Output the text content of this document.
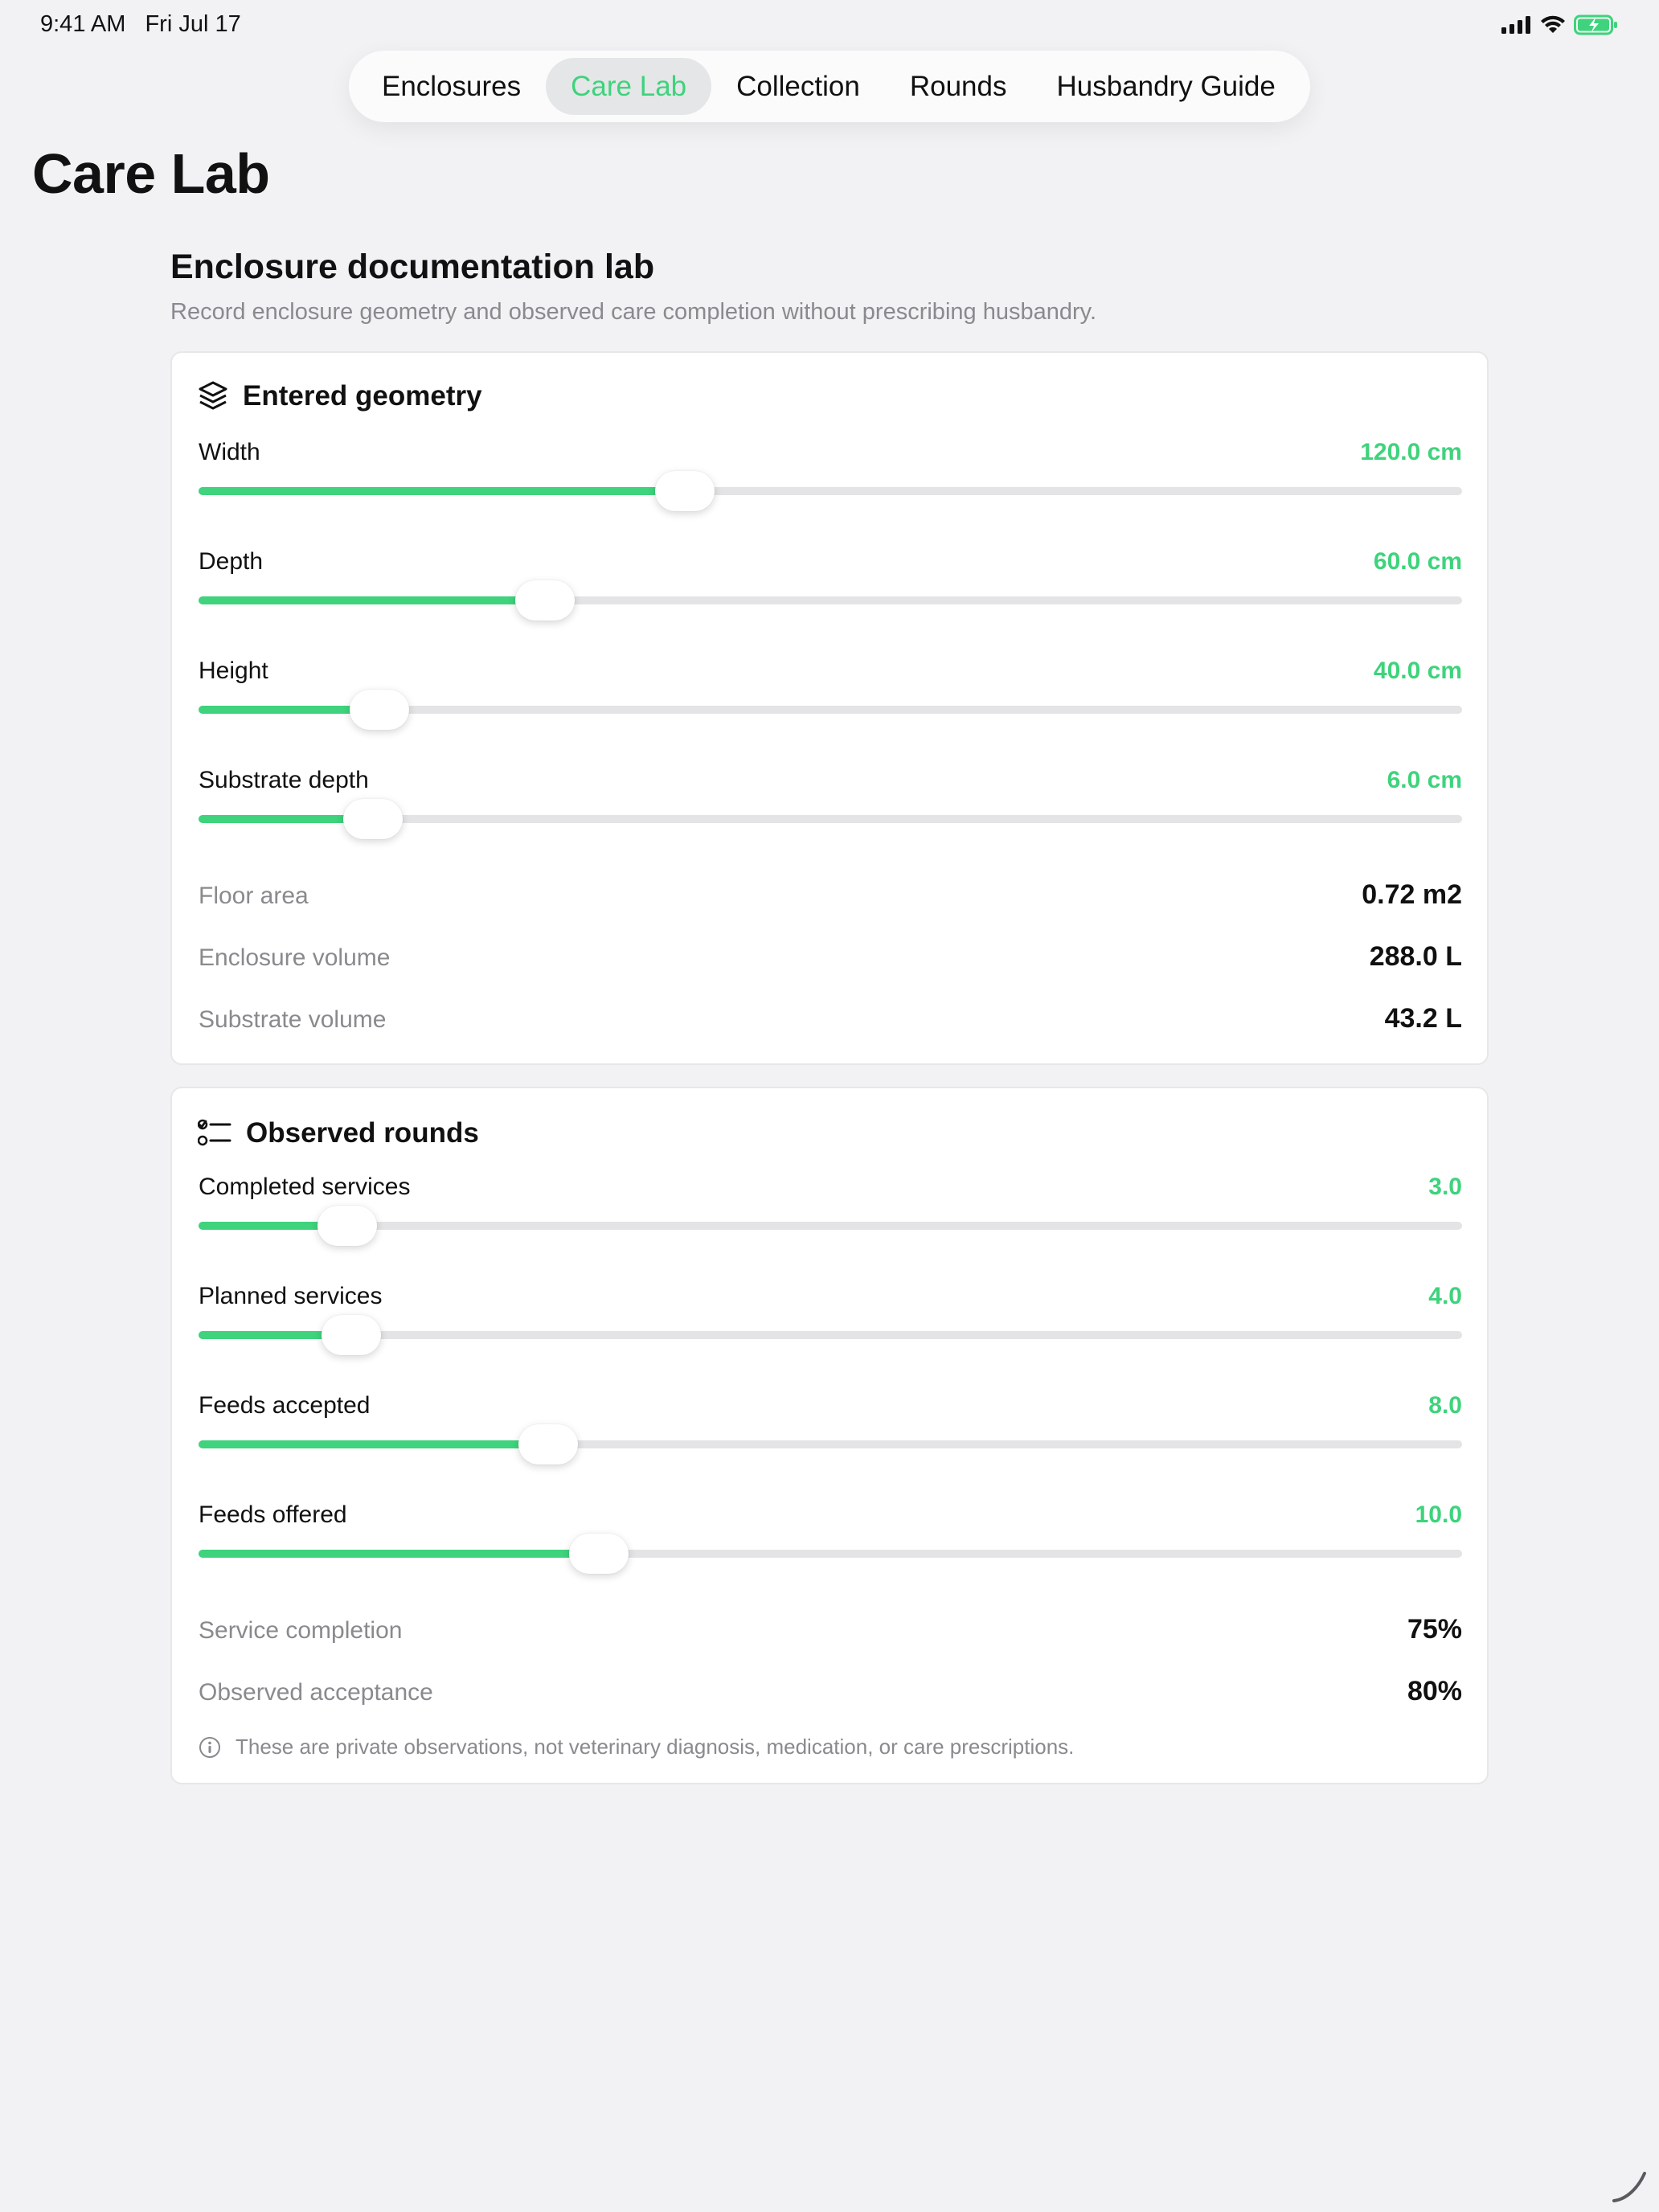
9:41 AM Fri Jul 17
Enclosures	Care Lab	Collection	Rounds	Husbandry Guide
Care Lab
Enclosure documentation lab
Record enclosure geometry and observed care completion without prescribing husbandry.
Entered geometry
Width	120.0 cm
Depth	60.0 cm
Height	40.0 cm
Substrate depth	6.0 cm
Floor area	0.72 m2
Enclosure volume	288.0 L
Substrate volume	43.2 L
Observed rounds
Completed services	3.0
Planned services	4.0
Feeds accepted	8.0
Feeds offered	10.0
Service completion	75%
Observed acceptance	80%
These are private observations, not veterinary diagnosis, medication, or care prescriptions.
